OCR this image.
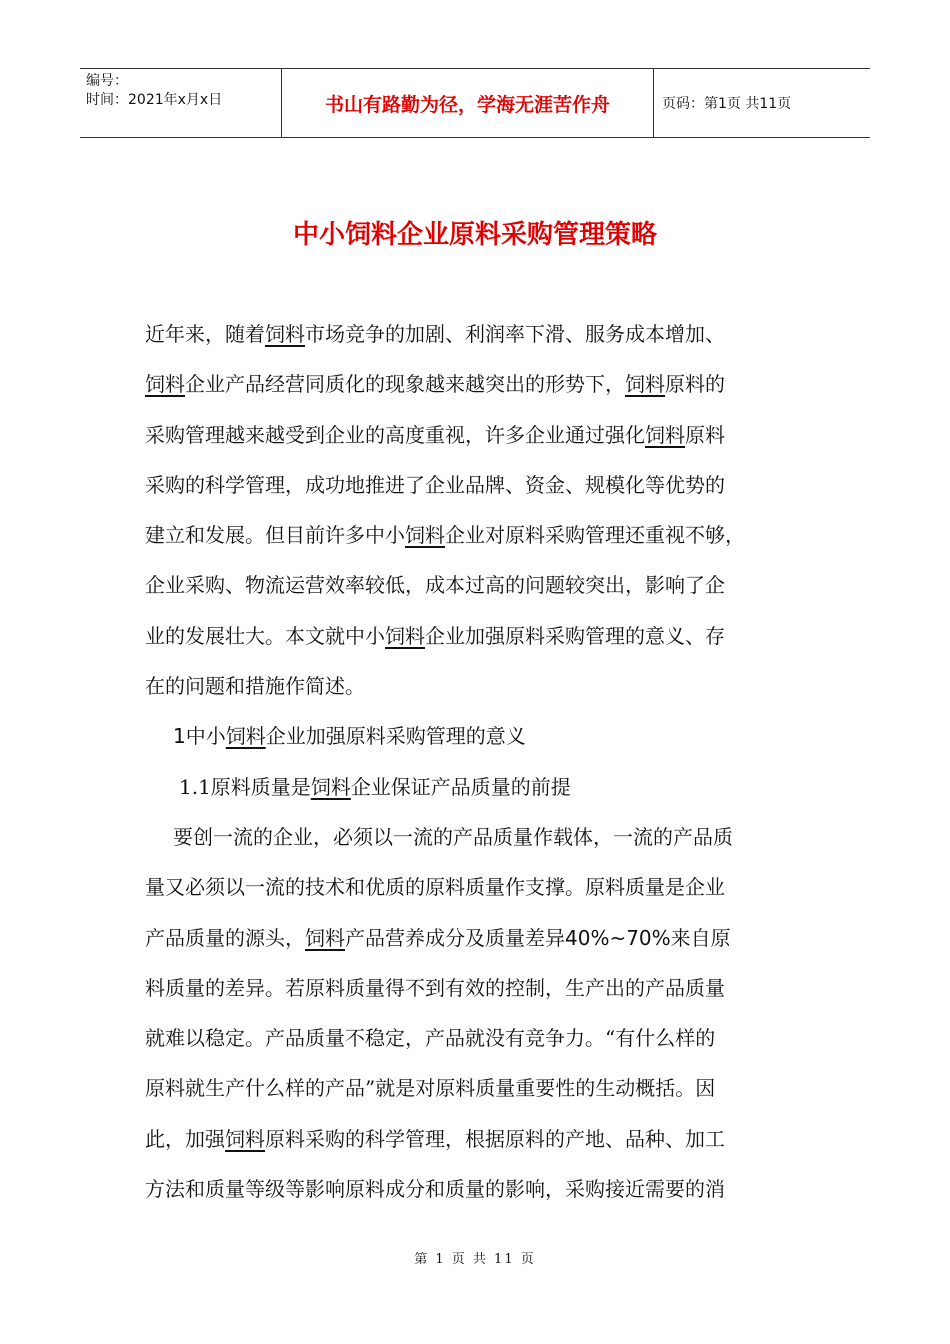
编号：
时间：2021年x月x日	书山有路勤为径，学海无涯苦作舟	页码：第1页 共11页
中小饲料企业原料采购管理策略
近年来，随着饲料市场竞争的加剧、利润率下滑、服务成本增加、
饲料企业产品经营同质化的现象越来越突出的形势下，饲料原料的
采购管理越来越受到企业的高度重视，许多企业通过强化饲料原料
采购的科学管理，成功地推进了企业品牌、资金、规模化等优势的
建立和发展。但目前许多中小饲料企业对原料采购管理还重视不够，
企业采购、物流运营效率较低，成本过高的问题较突出，影响了企
业的发展壮大。本文就中小饲料企业加强原料采购管理的意义、存
在的问题和措施作简述。
1中小饲料企业加强原料采购管理的意义
1.1原料质量是饲料企业保证产品质量的前提
要创一流的企业，必须以一流的产品质量作载体，一流的产品质
量又必须以一流的技术和优质的原料质量作支撑。原料质量是企业
产品质量的源头，饲料产品营养成分及质量差异40%~70%来自原
料质量的差异。若原料质量得不到有效的控制，生产出的产品质量
就难以稳定。产品质量不稳定，产品就没有竞争力。“有什么样的
原料就生产什么样的产品”就是对原料质量重要性的生动概括。因
此，加强饲料原料采购的科学管理，根据原料的产地、品种、加工
方法和质量等级等影响原料成分和质量的影响，采购接近需要的消
第 1 页 共 11 页
